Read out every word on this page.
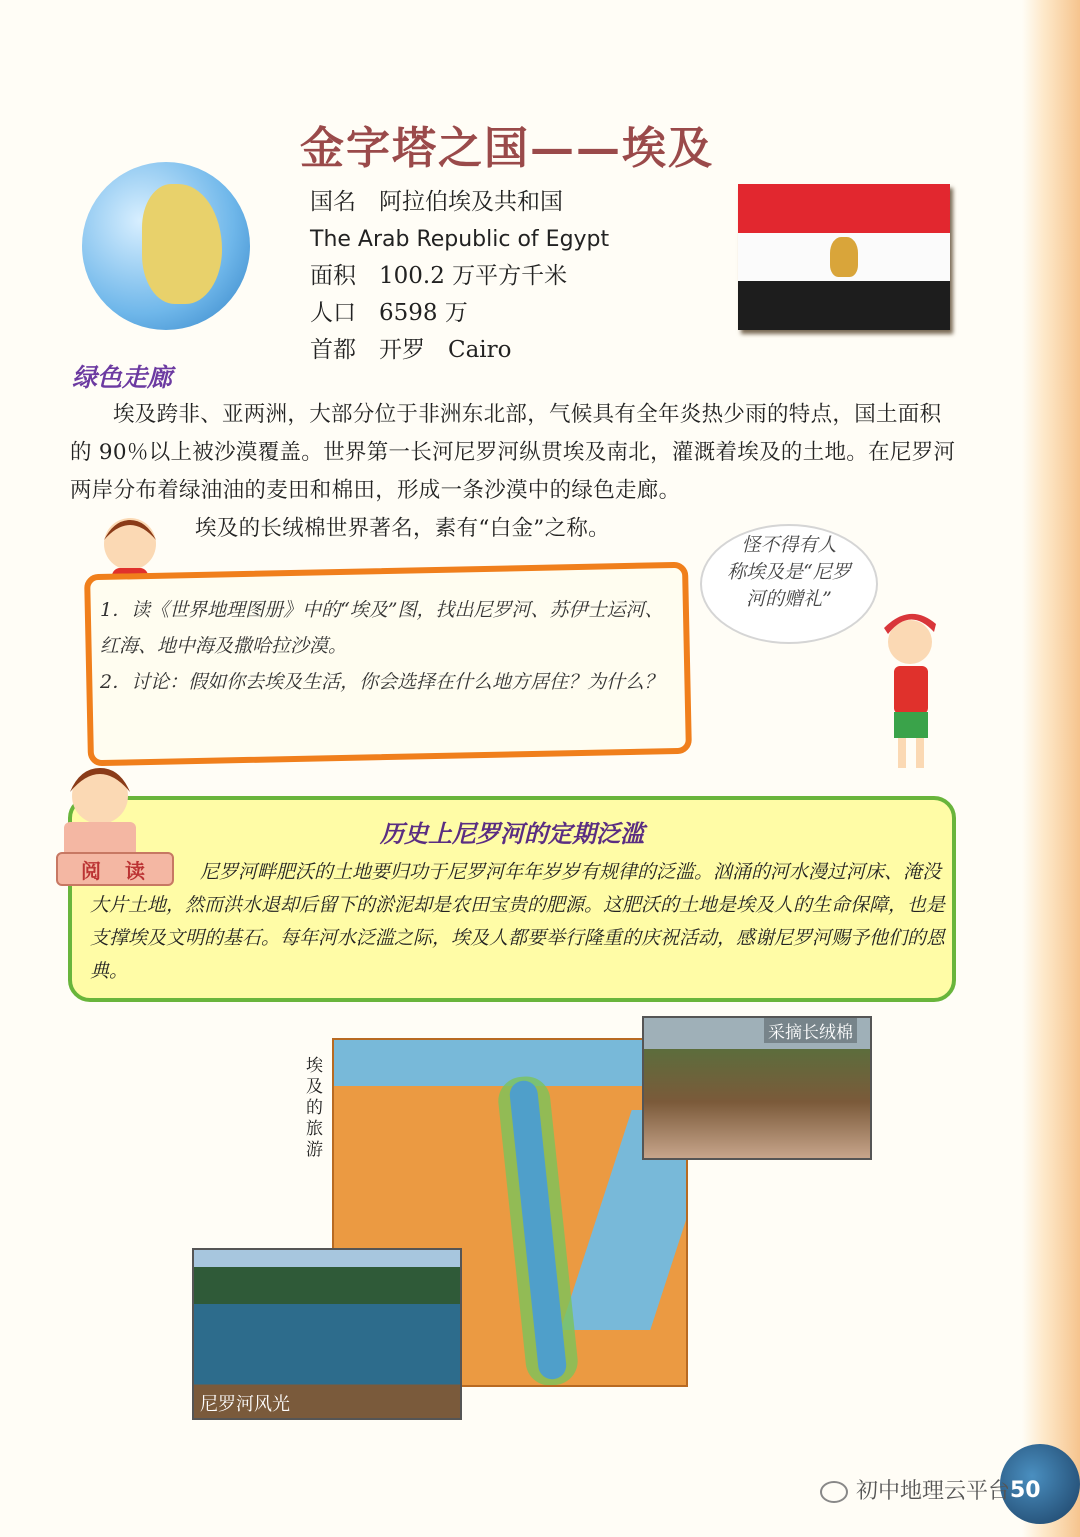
金字塔之国——埃及
国名　阿拉伯埃及共和国
The Arab Republic of Egypt
面积　100.2 万平方千米
人口　6598 万
首都　开罗　Cairo
绿色走廊

埃及跨非、亚两洲，大部分位于非洲东北部，气候具有全年炎热少雨的特点，国土面积的 90％以上被沙漠覆盖。世界第一长河尼罗河纵贯埃及南北，灌溉着埃及的土地。在尼罗河两岸分布着绿油油的麦田和棉田，形成一条沙漠中的绿色走廊。

埃及的长绒棉世界著名，素有“白金”之称。

怪不得有人
称埃及是“尼罗
河的赠礼”

1．读《世界地理图册》中的“埃及”图，找出尼罗河、苏伊士运河、红海、地中海及撒哈拉沙漠。

2．讨论：假如你去埃及生活，你会选择在什么地方居住？为什么？

历史上尼罗河的定期泛滥

尼罗河畔肥沃的土地要归功于尼罗河年年岁岁有规律的泛滥。汹涌的河水漫过河床、淹没大片土地，然而洪水退却后留下的淤泥却是农田宝贵的肥源。这肥沃的土地是埃及人的生命保障，也是支撑埃及文明的基石。每年河水泛滥之际，埃及人都要举行隆重的庆祝活动，感谢尼罗河赐予他们的恩典。

阅读
埃及的旅游
采摘长绒棉
尼罗河风光
50
初中地理云平台
